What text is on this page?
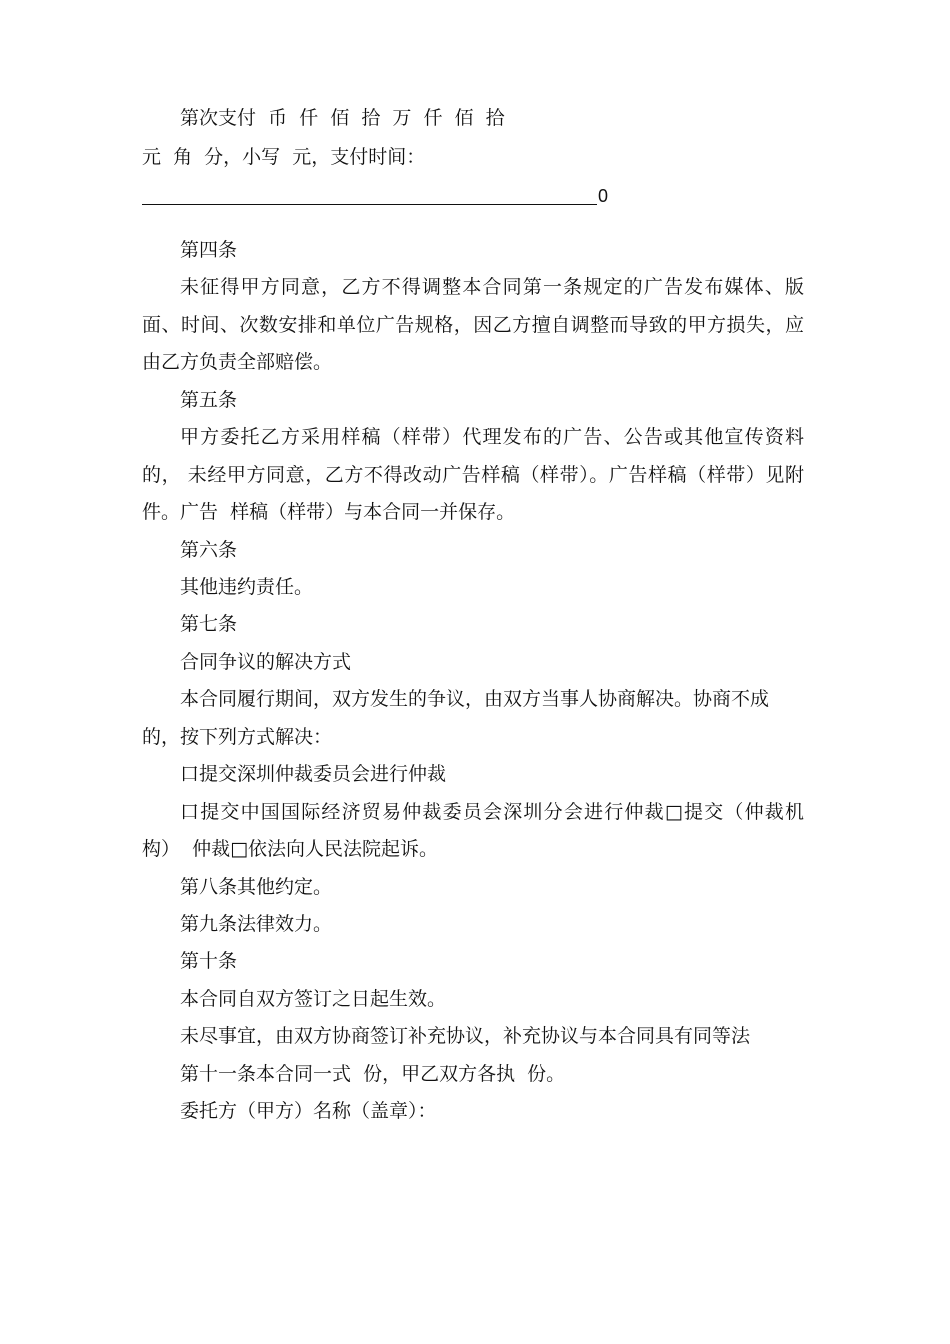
第次支付  币  仟  佰  拾  万  仟  佰  拾
元  角  分，小写  元，支付时间：
0
第四条
未征得甲方同意，乙方不得调整本合同第一条规定的广告发布媒体、版
面、时间、次数安排和单位广告规格，因乙方擅自调整而导致的甲方损失，应
由乙方负责全部赔偿。
第五条
甲方委托乙方采用样稿（样带）代理发布的广告、公告或其他宣传资料
的， 未经甲方同意，乙方不得改动广告样稿（样带）。广告样稿（样带）见附
件。广告  样稿（样带）与本合同一并保存。
第六条
其他违约责任。
第七条
合同争议的解决方式
本合同履行期间，双方发生的争议，由双方当事人协商解决。协商不成
的，按下列方式解决：
口提交深圳仲裁委员会进行仲裁
口提交中国国际经济贸易仲裁委员会深圳分会进行仲裁□提交（仲裁机
构）  仲裁□依法向人民法院起诉。
第八条其他约定。
第九条法律效力。
第十条
本合同自双方签订之日起生效。
未尽事宜，由双方协商签订补充协议，补充协议与本合同具有同等法
第十一条本合同一式  份，甲乙双方各执  份。
委托方（甲方）名称（盖章）：
